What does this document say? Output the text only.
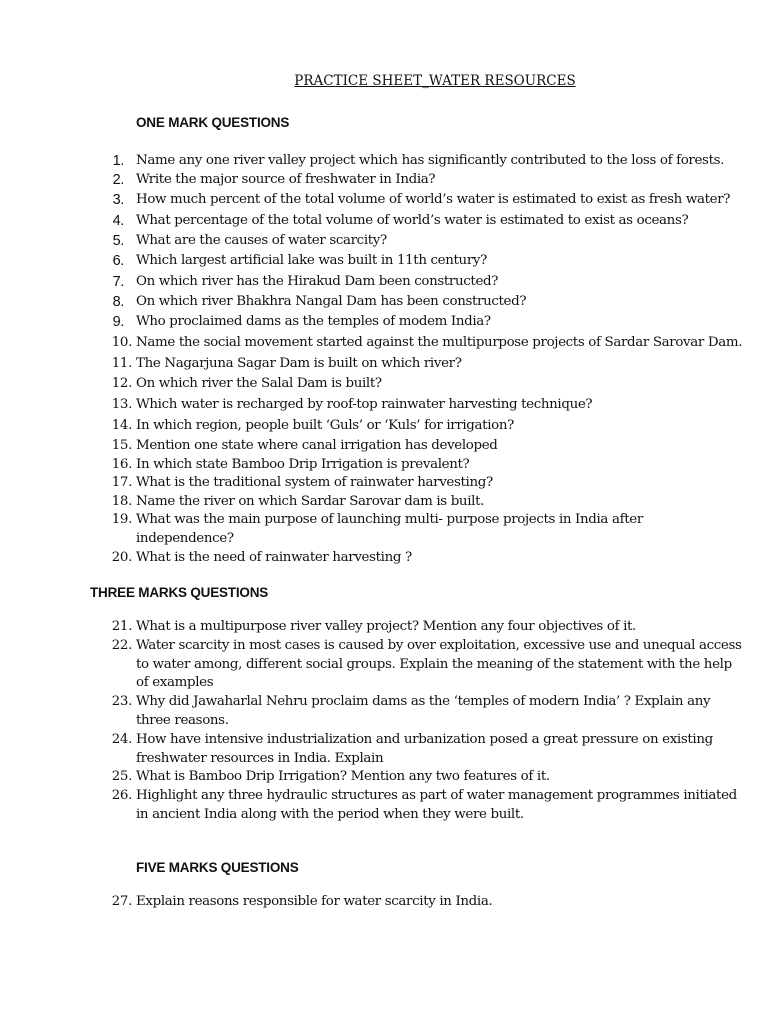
PRACTICE SHEET_WATER RESOURCES
ONE MARK QUESTIONS
THREE MARKS QUESTIONS
FIVE MARKS QUESTIONS
1. Name any one river valley project which has significantly contributed to the loss of forests.
2. Write the major source of freshwater in India?
3. How much percent of the total volume of world’s water is estimated to exist as fresh water?
4. What percentage of the total volume of world’s water is estimated to exist as oceans?
5. What are the causes of water scarcity?
6. Which largest artificial lake was built in 11th century?
7. On which river has the Hirakud Dam been constructed?
8. On which river Bhakhra Nangal Dam has been constructed?
9. Who proclaimed dams as the temples of modem India?
10. Name the social movement started against the multipurpose projects of Sardar Sarovar Dam.
11. The Nagarjuna Sagar Dam is built on which river?
12. On which river the Salal Dam is built?
13. Which water is recharged by roof-top rainwater harvesting technique?
14. In which region, people built ‘Guls’ or ‘Kuls’ for irrigation?
15. Mention one state where canal irrigation has developed
16. In which state Bamboo Drip Irrigation is prevalent?
17. What is the traditional system of rainwater harvesting?
18. Name the river on which Sardar Sarovar dam is built.
19. What was the main purpose of launching multi- purpose projects in India after
independence?
20. What is the need of rainwater harvesting ?
21. What is a multipurpose river valley project? Mention any four objectives of it.
22. Water scarcity in most cases is caused by over exploitation, excessive use and unequal access
to water among, different social groups. Explain the meaning of the statement with the help
of examples
23. Why did Jawaharlal Nehru proclaim dams as the ‘temples of modern India’ ? Explain any
three reasons.
24. How have intensive industrialization and urbanization posed a great pressure on existing
freshwater resources in India. Explain
25. What is Bamboo Drip Irrigation? Mention any two features of it.
26. Highlight any three hydraulic structures as part of water management programmes initiated
in ancient India along with the period when they were built.
27. Explain reasons responsible for water scarcity in India.
